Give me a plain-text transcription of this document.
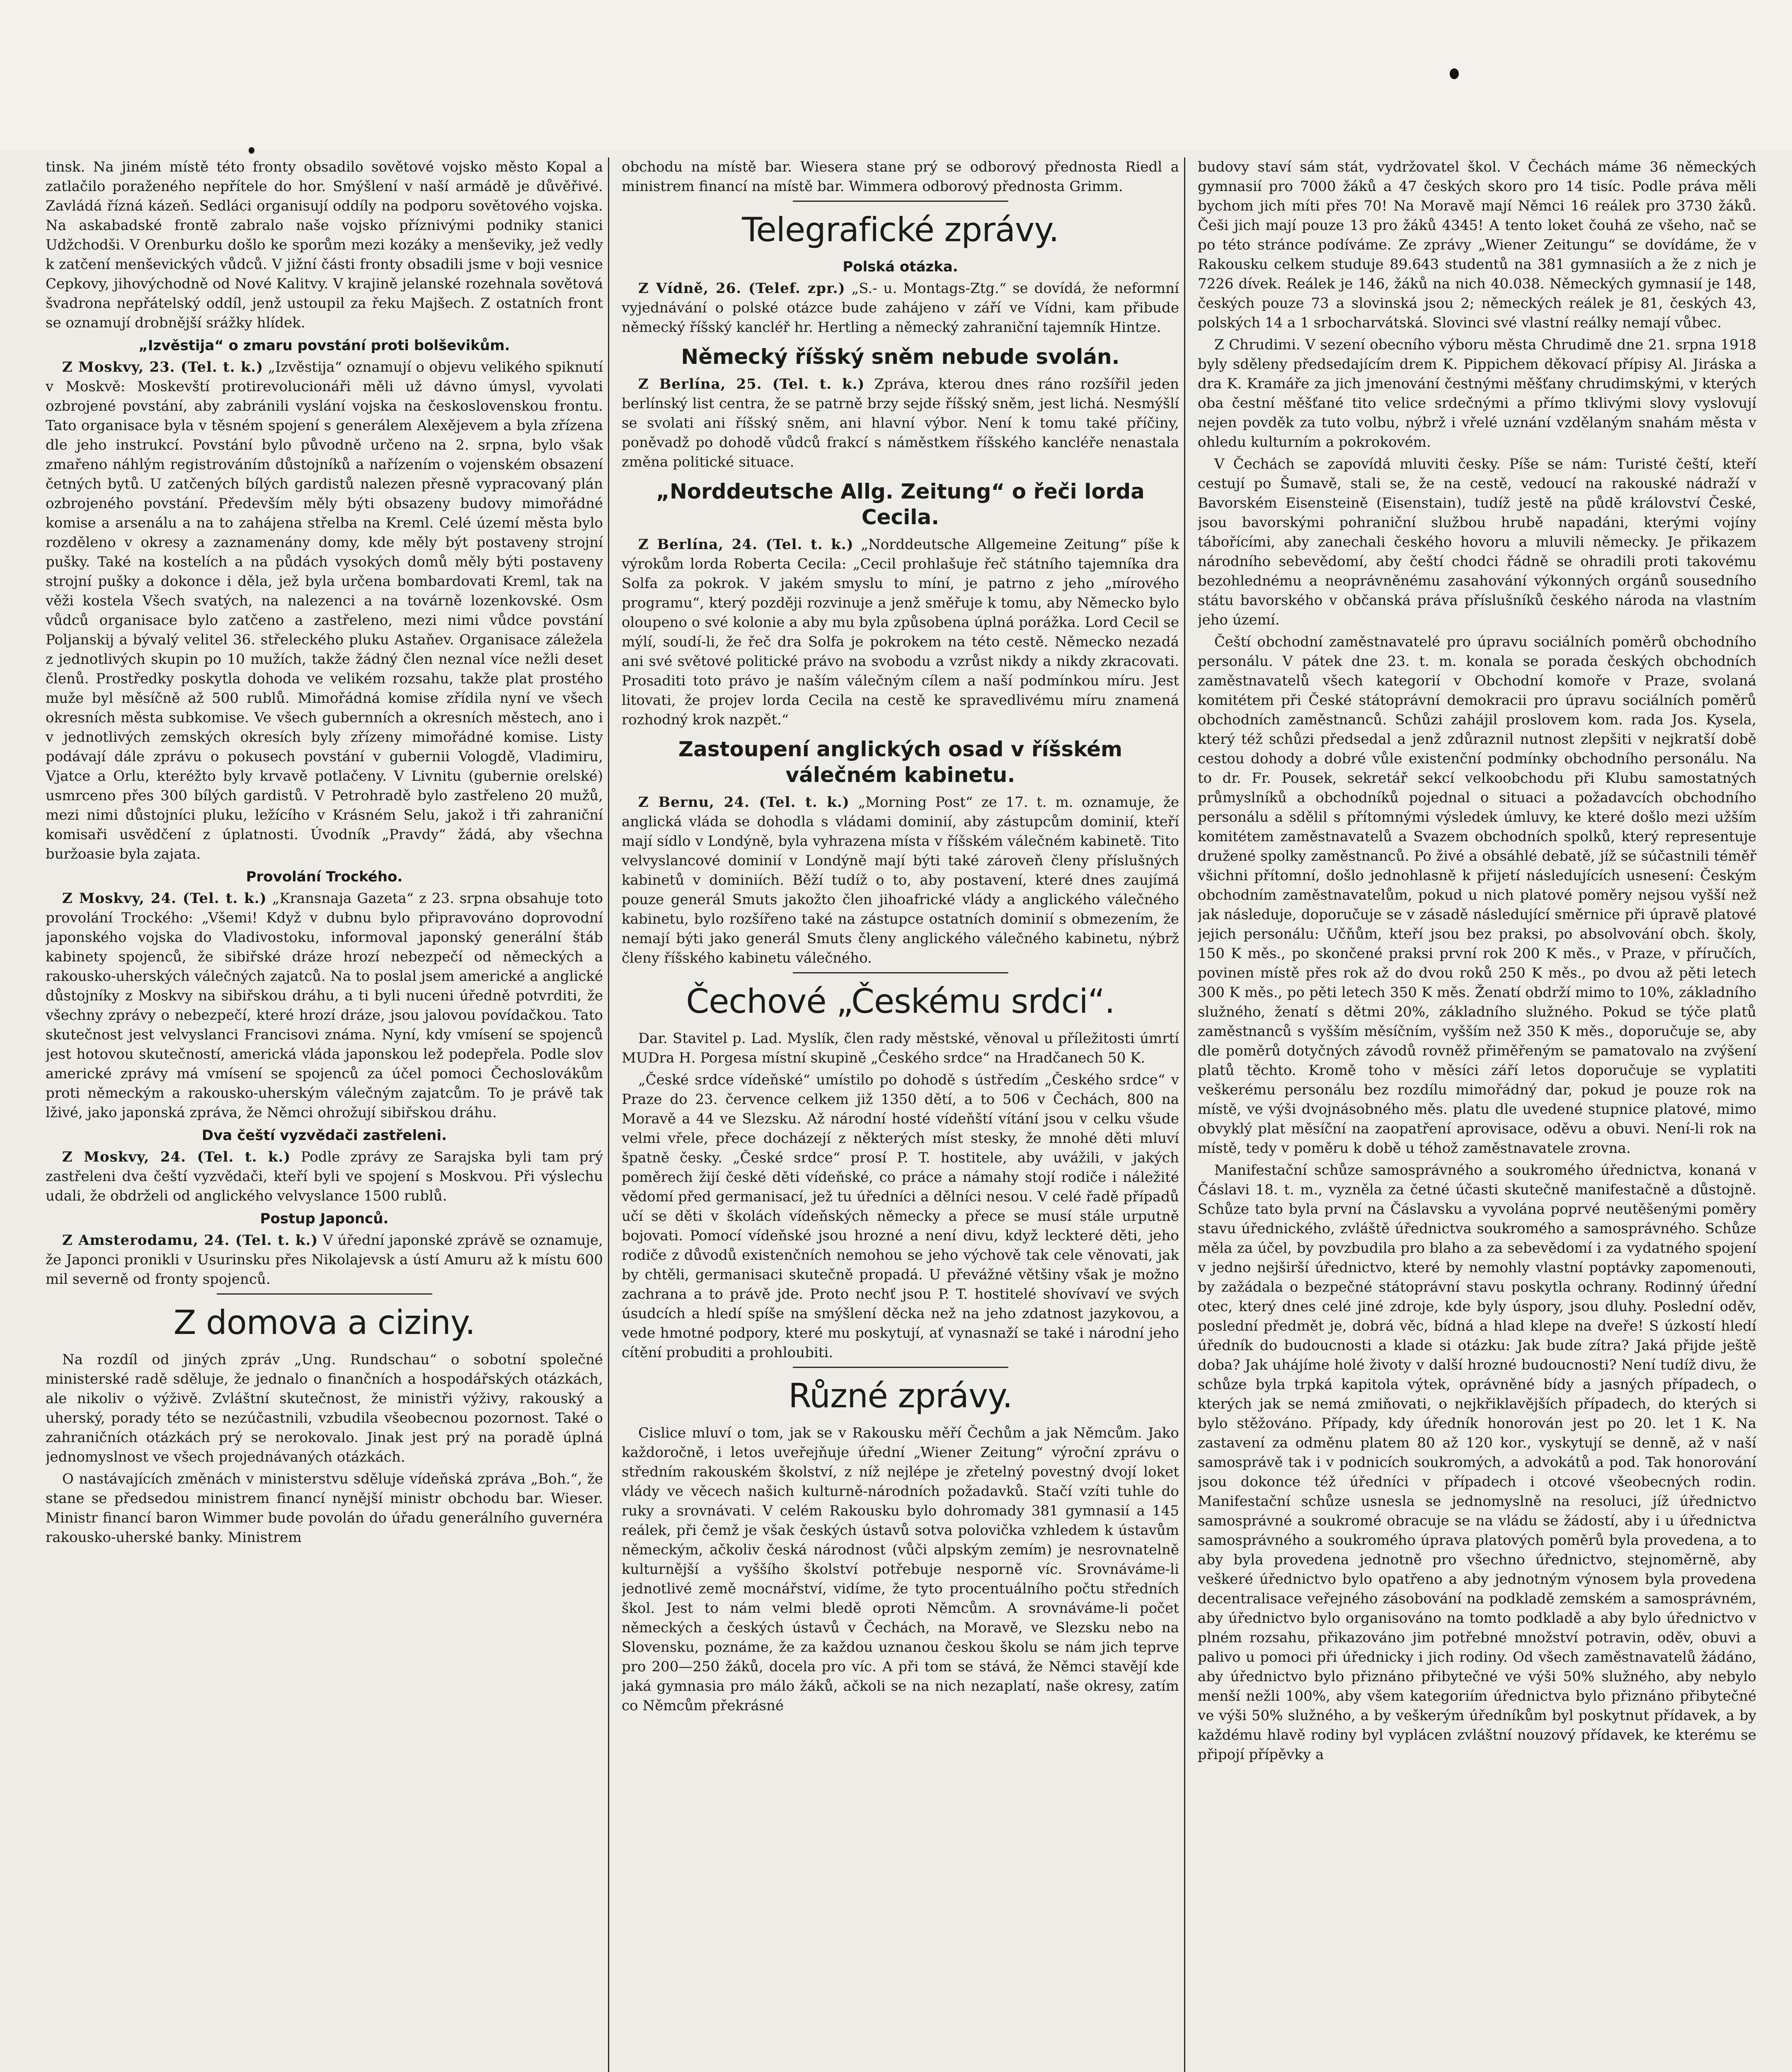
tinsk. Na jiném místě této fronty obsadilo sovětové vojsko město Kopal a zatlačilo poraženého nepřítele do hor. Smýšlení v naší armádě je důvěřivé. Zavládá řízná kázeň. Sedláci organisují oddíly na podporu sovětového vojska. Na askabadské frontě zabralo naše vojsko příznivými podniky stanici Udžchodši. V Orenburku došlo ke sporům mezi kozáky a menševiky, jež vedly k zatčení menševických vůdců. V jižní části fronty obsadili jsme v boji vesnice Cepkovy, jihovýchodně od Nové Kalitvy. V krajině jelanské rozehnala sovětová švadrona nepřátelský oddíl, jenž ustoupil za řeku Majšech. Z ostatních front se oznamují drobnější srážky hlídek.

„Izvěstija“ o zmaru povstání proti bolševikům.

Z Moskvy, 23. (Tel. t. k.) „Izvěstija“ oznamují o objevu velikého spiknutí v Moskvě: Moskevští protirevolucionáři měli už dávno úmysl, vyvolati ozbrojené povstání, aby zabránili vyslání vojska na československou frontu. Tato organisace byla v těsném spojení s generálem Alexějevem a byla zřízena dle jeho instrukcí. Povstání bylo původně určeno na 2. srpna, bylo však zmařeno náhlým registrováním důstojníků a nařízením o vojenském obsazení četných bytů. U zatčených bílých gardistů nalezen přesně vypracovaný plán ozbrojeného povstání. Především měly býti obsazeny budovy mimořádné komise a arsenálu a na to zahájena střelba na Kreml. Celé území města bylo rozděleno v okresy a zaznamenány domy, kde měly být postaveny strojní pušky. Také na kostelích a na půdách vysokých domů měly býti postaveny strojní pušky a dokonce i děla, jež byla určena bombardovati Kreml, tak na věži kostela Všech svatých, na nalezenci a na továrně lozenkovské. Osm vůdců organisace bylo zatčeno a zastřeleno, mezi nimi vůdce povstání Poljanskij a bývalý velitel 36. střeleckého pluku Astaňev. Organisace záležela z jednotlivých skupin po 10 mužích, takže žádný člen neznal více nežli deset členů. Prostředky poskytla dohoda ve velikém rozsahu, takže plat prostého muže byl měsíčně až 500 rublů. Mimořádná komise zřídila nyní ve všech okresních města subkomise. Ve všech gubernních a okresních městech, ano i v jednotlivých zemských okresích byly zřízeny mimořádné komise. Listy podávají dále zprávu o pokusech povstání v gubernii Vologdě, Vladimiru, Vjatce a Orlu, kteréžto byly krvavě potlačeny. V Livnitu (gubernie orelské) usmrceno přes 300 bílých gardistů. V Petrohradě bylo zastřeleno 20 mužů, mezi nimi důstojníci pluku, ležícího v Krásném Selu, jakož i tři zahraniční komisaři usvědčení z úplatnosti. Úvodník „Pravdy“ žádá, aby všechna buržoasie byla zajata.

Provolání Trockého.

Z Moskvy, 24. (Tel. t. k.) „Kransnaja Gazeta“ z 23. srpna obsahuje toto provolání Trockého: „Všemi! Když v dubnu bylo připravováno doprovodní japonského vojska do Vladivostoku, informoval japonský generální štáb kabinety spojenců, že sibiřské dráze hrozí nebezpečí od německých a rakousko-uherských válečných zajatců. Na to poslal jsem americké a anglické důstojníky z Moskvy na sibiřskou dráhu, a ti byli nuceni úředně potvrditi, že všechny zprávy o nebezpečí, které hrozí dráze, jsou jalovou povídačkou. Tato skutečnost jest velvyslanci Francisovi známa. Nyní, kdy vmísení se spojenců jest hotovou skutečností, americká vláda japonskou lež podepřela. Podle slov americké zprávy má vmísení se spojenců za účel pomoci Čechoslovákům proti německým a rakousko-uherským válečným zajatcům. To je právě tak lživé, jako japonská zpráva, že Němci ohrožují sibiřskou dráhu.

Dva čeští vyzvědači zastřeleni.

Z Moskvy, 24. (Tel. t. k.) Podle zprávy ze Sarajska byli tam prý zastřeleni dva čeští vyzvědači, kteří byli ve spojení s Moskvou. Při výslechu udali, že obdrželi od anglického velvyslance 1500 rublů.

Postup Japonců.

Z Amsterodamu, 24. (Tel. t. k.) V úřední japonské zprávě se oznamuje, že Japonci pronikli v Usurinsku přes Nikolajevsk a ústí Amuru až k místu 600 mil severně od fronty spojenců.

Z domova a ciziny.

Na rozdíl od jiných zpráv „Ung. Rundschau“ o sobotní společné ministerské radě sděluje, že jednalo o finančních a hospodářských otázkách, ale nikoliv o výživě. Zvláštní skutečnost, že ministři výživy, rakouský a uherský, porady této se nezúčastnili, vzbudila všeobecnou pozornost. Také o zahraničních otázkách prý se nerokovalo. Jinak jest prý na poradě úplná jednomyslnost ve všech projednávaných otázkách.

O nastávajících změnách v ministerstvu sděluje vídeňská zpráva „Boh.“, že stane se předsedou ministrem financí nynější ministr obchodu bar. Wieser. Ministr financí baron Wimmer bude povolán do úřadu generálního guvernéra rakousko-uherské banky. Ministrem

obchodu na místě bar. Wiesera stane prý se odborový přednosta Riedl a ministrem financí na místě bar. Wimmera odborový přednosta Grimm.

Telegrafické zprávy.
Polská otázka.

Z Vídně, 26. (Telef. zpr.) „S.- u. Montags-Ztg.“ se dovídá, že neformní vyjednávání o polské otázce bude zahájeno v září ve Vídni, kam přibude německý říšský kancléř hr. Hertling a německý zahraniční tajemník Hintze.

Německý říšský sněm nebude svolán.

Z Berlína, 25. (Tel. t. k.) Zpráva, kterou dnes ráno rozšířil jeden berlínský list centra, že se patrně brzy sejde říšský sněm, jest lichá. Nesmýšlí se svolati ani říšský sněm, ani hlavní výbor. Není k tomu také příčiny, poněvadž po dohodě vůdců frakcí s náměstkem říšského kancléře nenastala změna politické situace.

„Norddeutsche Allg. Zeitung“ o řeči lorda Cecila.

Z Berlína, 24. (Tel. t. k.) „Norddeutsche Allgemeine Zeitung“ píše k výrokům lorda Roberta Cecila: „Cecil prohlašuje řeč státního tajemníka dra Solfa za pokrok. V jakém smyslu to míní, je patrno z jeho „mírového programu“, který později rozvinuje a jenž směřuje k tomu, aby Německo bylo oloupeno o své kolonie a aby mu byla způsobena úplná porážka. Lord Cecil se mýlí, soudí-li, že řeč dra Solfa je pokrokem na této cestě. Německo nezadá ani své světové politické právo na svobodu a vzrůst nikdy a nikdy zkracovati. Prosaditi toto právo je naším válečným cílem a naší podmínkou míru. Jest litovati, že projev lorda Cecila na cestě ke spravedlivému míru znamená rozhodný krok nazpět.“

Zastoupení anglických osad v říšském válečném kabinetu.

Z Bernu, 24. (Tel. t. k.) „Morning Post“ ze 17. t. m. oznamuje, že anglická vláda se dohodla s vládami dominií, aby zástupcům dominií, kteří mají sídlo v Londýně, byla vyhrazena místa v říšském válečném kabinetě. Tito velvyslancové dominií v Londýně mají býti také zároveň členy příslušných kabinetů v dominiích. Běží tudíž o to, aby postavení, které dnes zaujímá pouze generál Smuts jakožto člen jihoafrické vlády a anglického válečného kabinetu, bylo rozšířeno také na zástupce ostatních dominií s obmezením, že nemají býti jako generál Smuts členy anglického válečného kabinetu, nýbrž členy říšského kabinetu válečného.

Čechové „Českému srdci“.

Dar. Stavitel p. Lad. Myslík, člen rady městské, věnoval u příležitosti úmrtí MUDra H. Porgesa místní skupině „Českého srdce“ na Hradčanech 50 K.

„České srdce vídeňské“ umístilo po dohodě s ústředím „Českého srdce“ v Praze do 23. července celkem již 1350 dětí, a to 506 v Čechách, 800 na Moravě a 44 ve Slezsku. Až národní hosté vídeňští vítání jsou v celku všude velmi vřele, přece docházejí z některých míst stesky, že mnohé děti mluví špatně česky. „České srdce“ prosí P. T. hostitele, aby uvážili, v jakých poměrech žijí české děti vídeňské, co práce a námahy stojí rodiče i náležité vědomí před germanisací, jež tu úředníci a dělníci nesou. V celé řadě případů učí se děti v školách vídeňských německy a přece se musí stále urputně bojovati. Pomocí vídeňské jsou hrozné a není divu, když leckteré děti, jeho rodiče z důvodů existenčních nemohou se jeho výchově tak cele věnovati, jak by chtěli, germanisaci skutečně propadá. U převážné většiny však je možno zachrana a to právě jde. Proto nechť jsou P. T. hostitelé shovívaví ve svých úsudcích a hledí spíše na smýšlení děcka než na jeho zdatnost jazykovou, a vede hmotné podpory, které mu poskytují, ať vynasnaží se také i národní jeho cítění probuditi a prohloubiti.

Různé zprávy.

Cislice mluví o tom, jak se v Rakousku měří Čechům a jak Němcům. Jako každoročně, i letos uveřejňuje úřední „Wiener Zeitung“ výroční zprávu o středním rakouském školství, z níž nejlépe je zřetelný povestný dvojí loket vlády ve věcech našich kulturně-národních požadavků. Stačí vzíti tuhle do ruky a srovnávati. V celém Rakousku bylo dohromady 381 gymnasií a 145 reálek, při čemž je však českých ústavů sotva polovička vzhledem k ústavům německým, ačkoliv česká národnost (vůči alpským zemím) je nesrovnatelně kulturnější a vyššího školství potřebuje nesporně víc. Srovnáváme-li jednotlivé země mocnářství, vidíme, že tyto procentuálního počtu středních škol. Jest to nám velmi bledě oproti Němcům. A srovnáváme-li počet německých a českých ústavů v Čechách, na Moravě, ve Slezsku nebo na Slovensku, poznáme, že za každou uznanou českou školu se nám jich teprve pro 200—250 žáků, docela pro víc. A při tom se stává, že Němci stavějí kde jaká gymnasia pro málo žáků, ačkoli se na nich nezaplatí, naše okresy, zatím co Němcům překrásné

budovy staví sám stát, vydržovatel škol. V Čechách máme 36 německých gymnasií pro 7000 žáků a 47 českých skoro pro 14 tisíc. Podle práva měli bychom jich míti přes 70! Na Moravě mají Němci 16 reálek pro 3730 žáků. Češi jich mají pouze 13 pro žáků 4345! A tento loket čouhá ze všeho, nač se po této stránce podíváme. Ze zprávy „Wiener Zeitungu“ se dovídáme, že v Rakousku celkem studuje 89.643 studentů na 381 gymnasiích a že z nich je 7226 dívek. Reálek je 146, žáků na nich 40.038. Německých gymnasií je 148, českých pouze 73 a slovinská jsou 2; německých reálek je 81, českých 43, polských 14 a 1 srbocharvátská. Slovinci své vlastní reálky nemají vůbec.

Z Chrudimi. V sezení obecního výboru města Chrudimě dne 21. srpna 1918 byly sděleny předsedajícím drem K. Pippichem děkovací přípisy Al. Jiráska a dra K. Kramáře za jich jmenování čestnými měšťany chrudimskými, v kterých oba čestní měšťané tito velice srdečnými a přímo tklivými slovy vyslovují nejen povděk za tuto volbu, nýbrž i vřelé uznání vzdělaným snahám města v ohledu kulturním a pokrokovém.

V Čechách se zapovídá mluviti česky. Píše se nám: Turisté čeští, kteří cestují po Šumavě, stali se, že na cestě, vedoucí na rakouské nádraží v Bavorském Eisensteině (Eisenstain), tudíž jestě na půdě království České, jsou bavorskými pohraniční službou hrubě napadáni, kterými vojíny tábořícími, aby zanechali českého hovoru a mluvili německy. Je přikazem národního sebevědomí, aby čeští chodci řádně se ohradili proti takovému bezohlednému a neoprávněnému zasahování výkonných orgánů sousedního státu bavorského v občanská práva příslušníků českého národa na vlastním jeho území.

Čeští obchodní zaměstnavatelé pro úpravu sociálních poměrů obchodního personálu. V pátek dne 23. t. m. konala se porada českých obchodních zaměstnavatelů všech kategorií v Obchodní komoře v Praze, svolaná komitétem při České státoprávní demokracii pro úpravu sociálních poměrů obchodních zaměstnanců. Schůzi zahájil proslovem kom. rada Jos. Kysela, který též schůzi předsedal a jenž zdůraznil nutnost zlepšiti v nejkratší době cestou dohody a dobré vůle existenční podmínky obchodního personálu. Na to dr. Fr. Pousek, sekretář sekcí velkoobchodu při Klubu samostatných průmyslníků a obchodníků pojednal o situaci a požadavcích obchodního personálu a sdělil s přítomnými výsledek úmluvy, ke které došlo mezi užším komitétem zaměstnavatelů a Svazem obchodních spolků, který representuje družené spolky zaměstnanců. Po živé a obsáhlé debatě, jíž se súčastnili téměř všichni přítomní, došlo jednohlasně k přijetí následujících usnesení: Českým obchodním zaměstnavatelům, pokud u nich platové poměry nejsou vyšší než jak následuje, doporučuje se v zásadě následující směrnice při úpravě platové jejich personálu: Učňům, kteří jsou bez praksi, po absolvování obch. školy, 150 K měs., po skončené praksi první rok 200 K měs., v Praze, v příručích, povinen místě přes rok až do dvou roků 250 K měs., po dvou až pěti letech 300 K měs., po pěti letech 350 K měs. Ženatí obdrží mimo to 10%, základního služného, ženatí s dětmi 20%, základního služného. Pokud se týče platů zaměstnanců s vyšším měsíčním, vyšším než 350 K měs., doporučuje se, aby dle poměrů dotyčných závodů rovněž přiměřeným se pamatovalo na zvýšení platů těchto. Kromě toho v měsíci září letos doporučuje se vyplatiti veškerému personálu bez rozdílu mimořádný dar, pokud je pouze rok na místě, ve výši dvojnásobného měs. platu dle uvedené stupnice platové, mimo obvyklý plat měsíční na zaopatření aprovisace, oděvu a obuvi. Není-li rok na místě, tedy v poměru k době u téhož zaměstnavatele zrovna.

Manifestační schůze samosprávného a soukromého úřednictva, konaná v Čáslavi 18. t. m., vyzněla za četné účasti skutečně manifestačně a důstojně. Schůze tato byla první na Čáslavsku a vyvolána poprvé neutěšenými poměry stavu úřednického, zvláště úřednictva soukromého a samosprávného. Schůze měla za účel, by povzbudila pro blaho a za sebevědomí i za vydatného spojení v jedno nejširší úřednictvo, které by nemohly vlastní poptávky zapomenouti, by zažádala o bezpečné státoprávní stavu poskytla ochrany. Rodinný úřední otec, který dnes celé jiné zdroje, kde byly úspory, jsou dluhy. Poslední oděv, poslední předmět je, dobrá věc, bídná a hlad klepe na dveře! S úzkostí hledí úředník do budoucnosti a klade si otázku: Jak bude zítra? Jaká přijde ještě doba? Jak uhájíme holé životy v další hrozné budoucnosti? Není tudíž divu, že schůze byla trpká kapitola výtek, oprávněné bídy a jasných případech, o kterých jak se nemá zmiňovati, o nejkřiklavějších případech, do kterých si bylo stěžováno. Případy, kdy úředník honorován jest po 20. let 1 K. Na zastavení za odměnu platem 80 až 120 kor., vyskytují se denně, až v naší samosprávě tak i v podnicích soukromých, a advokátů a pod. Tak honorování jsou dokonce též úředníci v případech i otcové všeobecných rodin. Manifestační schůze usnesla se jednomyslně na resoluci, jíž úřednictvo samosprávné a soukromé obracuje se na vládu se žádostí, aby i u úřednictva samosprávného a soukromého úprava platových poměrů byla provedena, a to aby byla provedena jednotně pro všechno úřednictvo, stejnoměrně, aby veškeré úřednictvo bylo opatřeno a aby jednotným výnosem byla provedena decentralisace veřejného zásobování na podkladě zemském a samosprávném, aby úřednictvo bylo organisováno na tomto podkladě a aby bylo úřednictvo v plném rozsahu, přikazováno jim potřebné množství potravin, oděv, obuvi a palivo u pomoci při úřednicky i jich rodiny. Od všech zaměstnavatelů žádáno, aby úřednictvo bylo přiznáno přibytečné ve výši 50% služného, aby nebylo menší nežli 100%, aby všem kategoriím úřednictva bylo přiznáno přibytečné ve výši 50% služného, a by veškerým úředníkům byl poskytnut přídavek, a by každému hlavě rodiny byl vyplácen zvláštní nouzový přídavek, ke kterému se připojí přípěvky a
